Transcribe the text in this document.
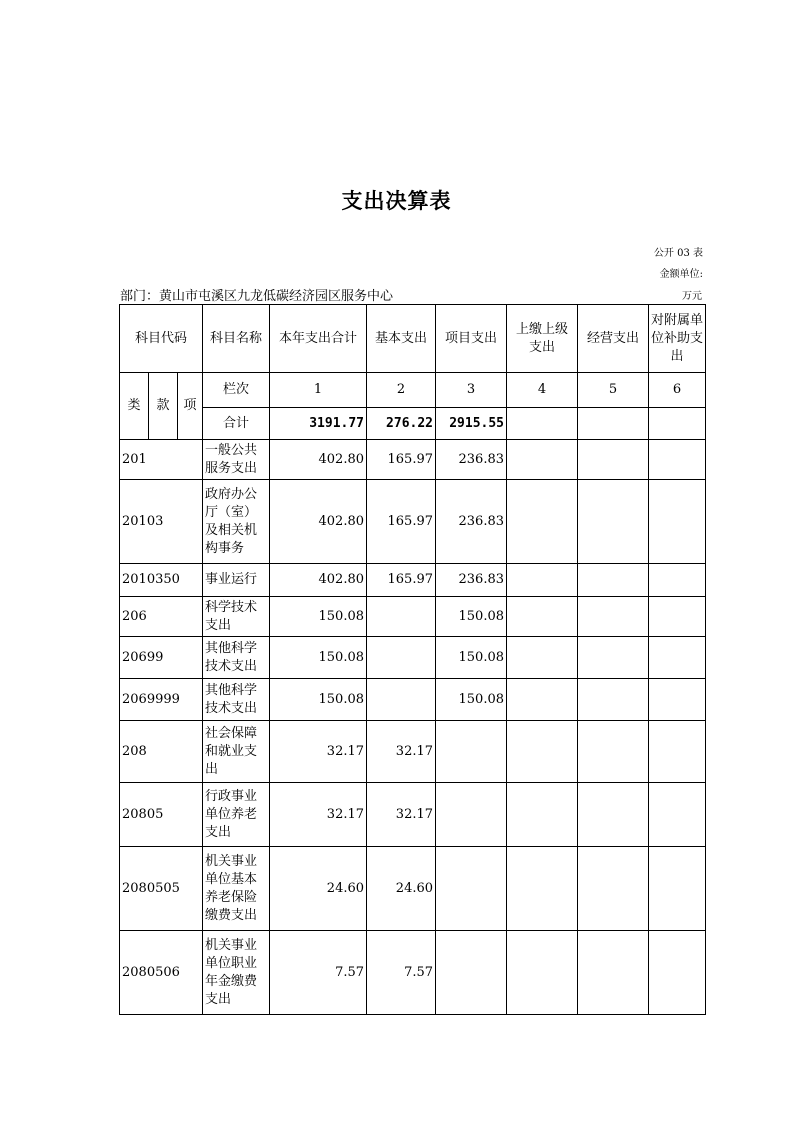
支出决算表
公开 03 表
金额单位:
部门：黄山市屯溪区九龙低碳经济园区服务中心	万元
科目代码			科目名称	本年支出合计	基本支出	项目支出	上缴上级支出	经营支出	对附属单位补助支出
类	款	项	栏次	1	2	3	4	5	6
			合计	3191.77	276.22	2915.55			
201			一般公共服务支出	402.80	165.97	236.83			
20103			政府办公厅（室）及相关机构事务	402.80	165.97	236.83			
2010350			事业运行	402.80	165.97	236.83			
206			科学技术支出	150.08		150.08			
20699			其他科学技术支出	150.08		150.08			
2069999			其他科学技术支出	150.08		150.08			
208			社会保障和就业支出	32.17	32.17				
20805			行政事业单位养老支出	32.17	32.17				
2080505			机关事业单位基本养老保险缴费支出	24.60	24.60				
2080506			机关事业单位职业年金缴费支出	7.57	7.57				
